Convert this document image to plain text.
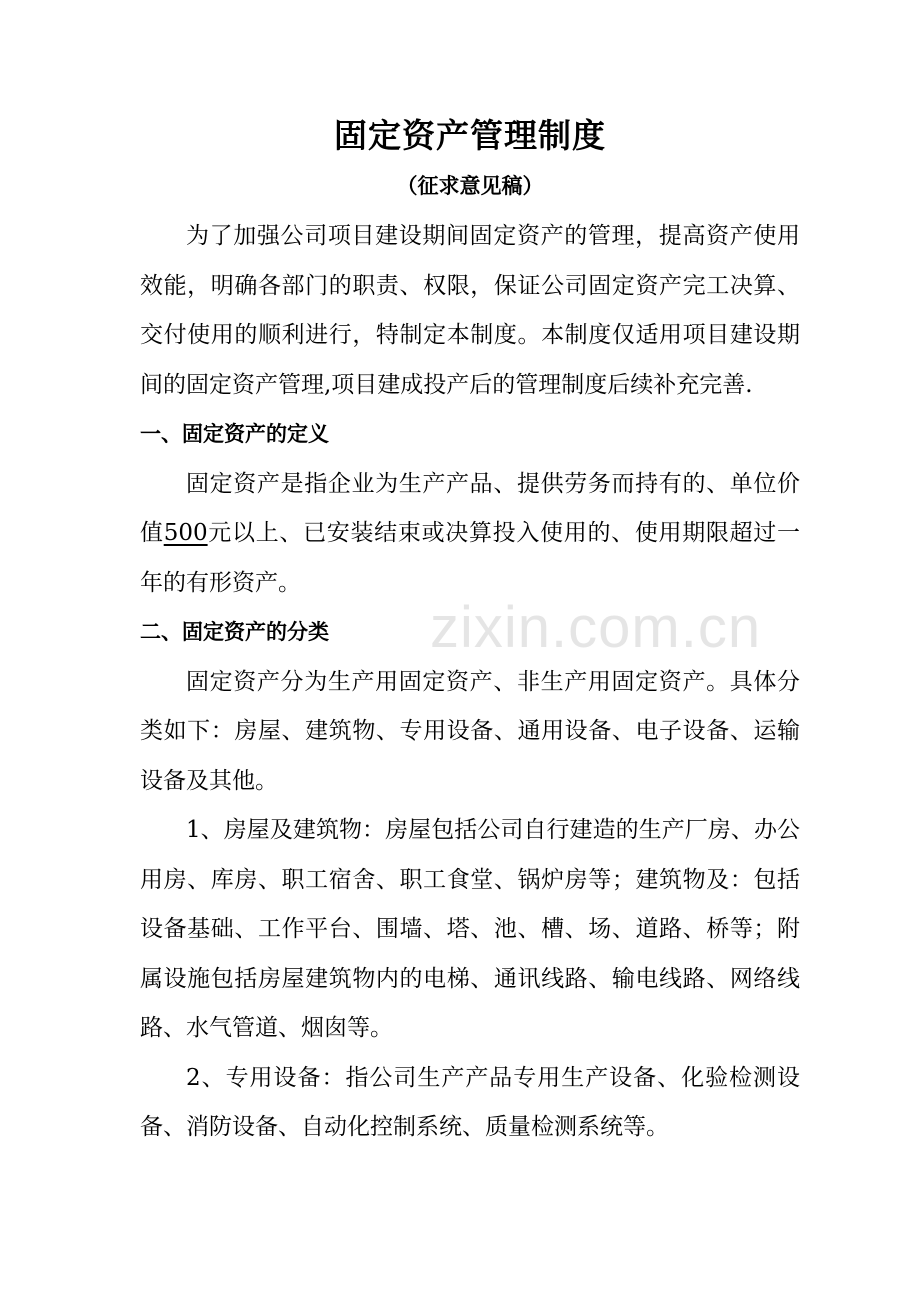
固定资产管理制度
（征求意见稿）

为了加强公司项目建设期间固定资产的管理，提高资产使用效能，明确各部门的职责、权限，保证公司固定资产完工决算、交付使用的顺利进行，特制定本制度。本制度仅适用项目建设期间的固定资产管理,项目建成投产后的管理制度后续补充完善.

一、固定资产的定义

固定资产是指企业为生产产品、提供劳务而持有的、单位价值500元以上、已安装结束或决算投入使用的、使用期限超过一年的有形资产。

二、固定资产的分类

固定资产分为生产用固定资产、非生产用固定资产。具体分类如下：房屋、建筑物、专用设备、通用设备、电子设备、运输设备及其他。

1、房屋及建筑物：房屋包括公司自行建造的生产厂房、办公用房、库房、职工宿舍、职工食堂、锅炉房等；建筑物及：包括设备基础、工作平台、围墙、塔、池、槽、场、道路、桥等；附属设施包括房屋建筑物内的电梯、通讯线路、输电线路、网络线路、水气管道、烟囱等。

2、专用设备：指公司生产产品专用生产设备、化验检测设备、消防设备、自动化控制系统、质量检测系统等。

zixin.com.cn
